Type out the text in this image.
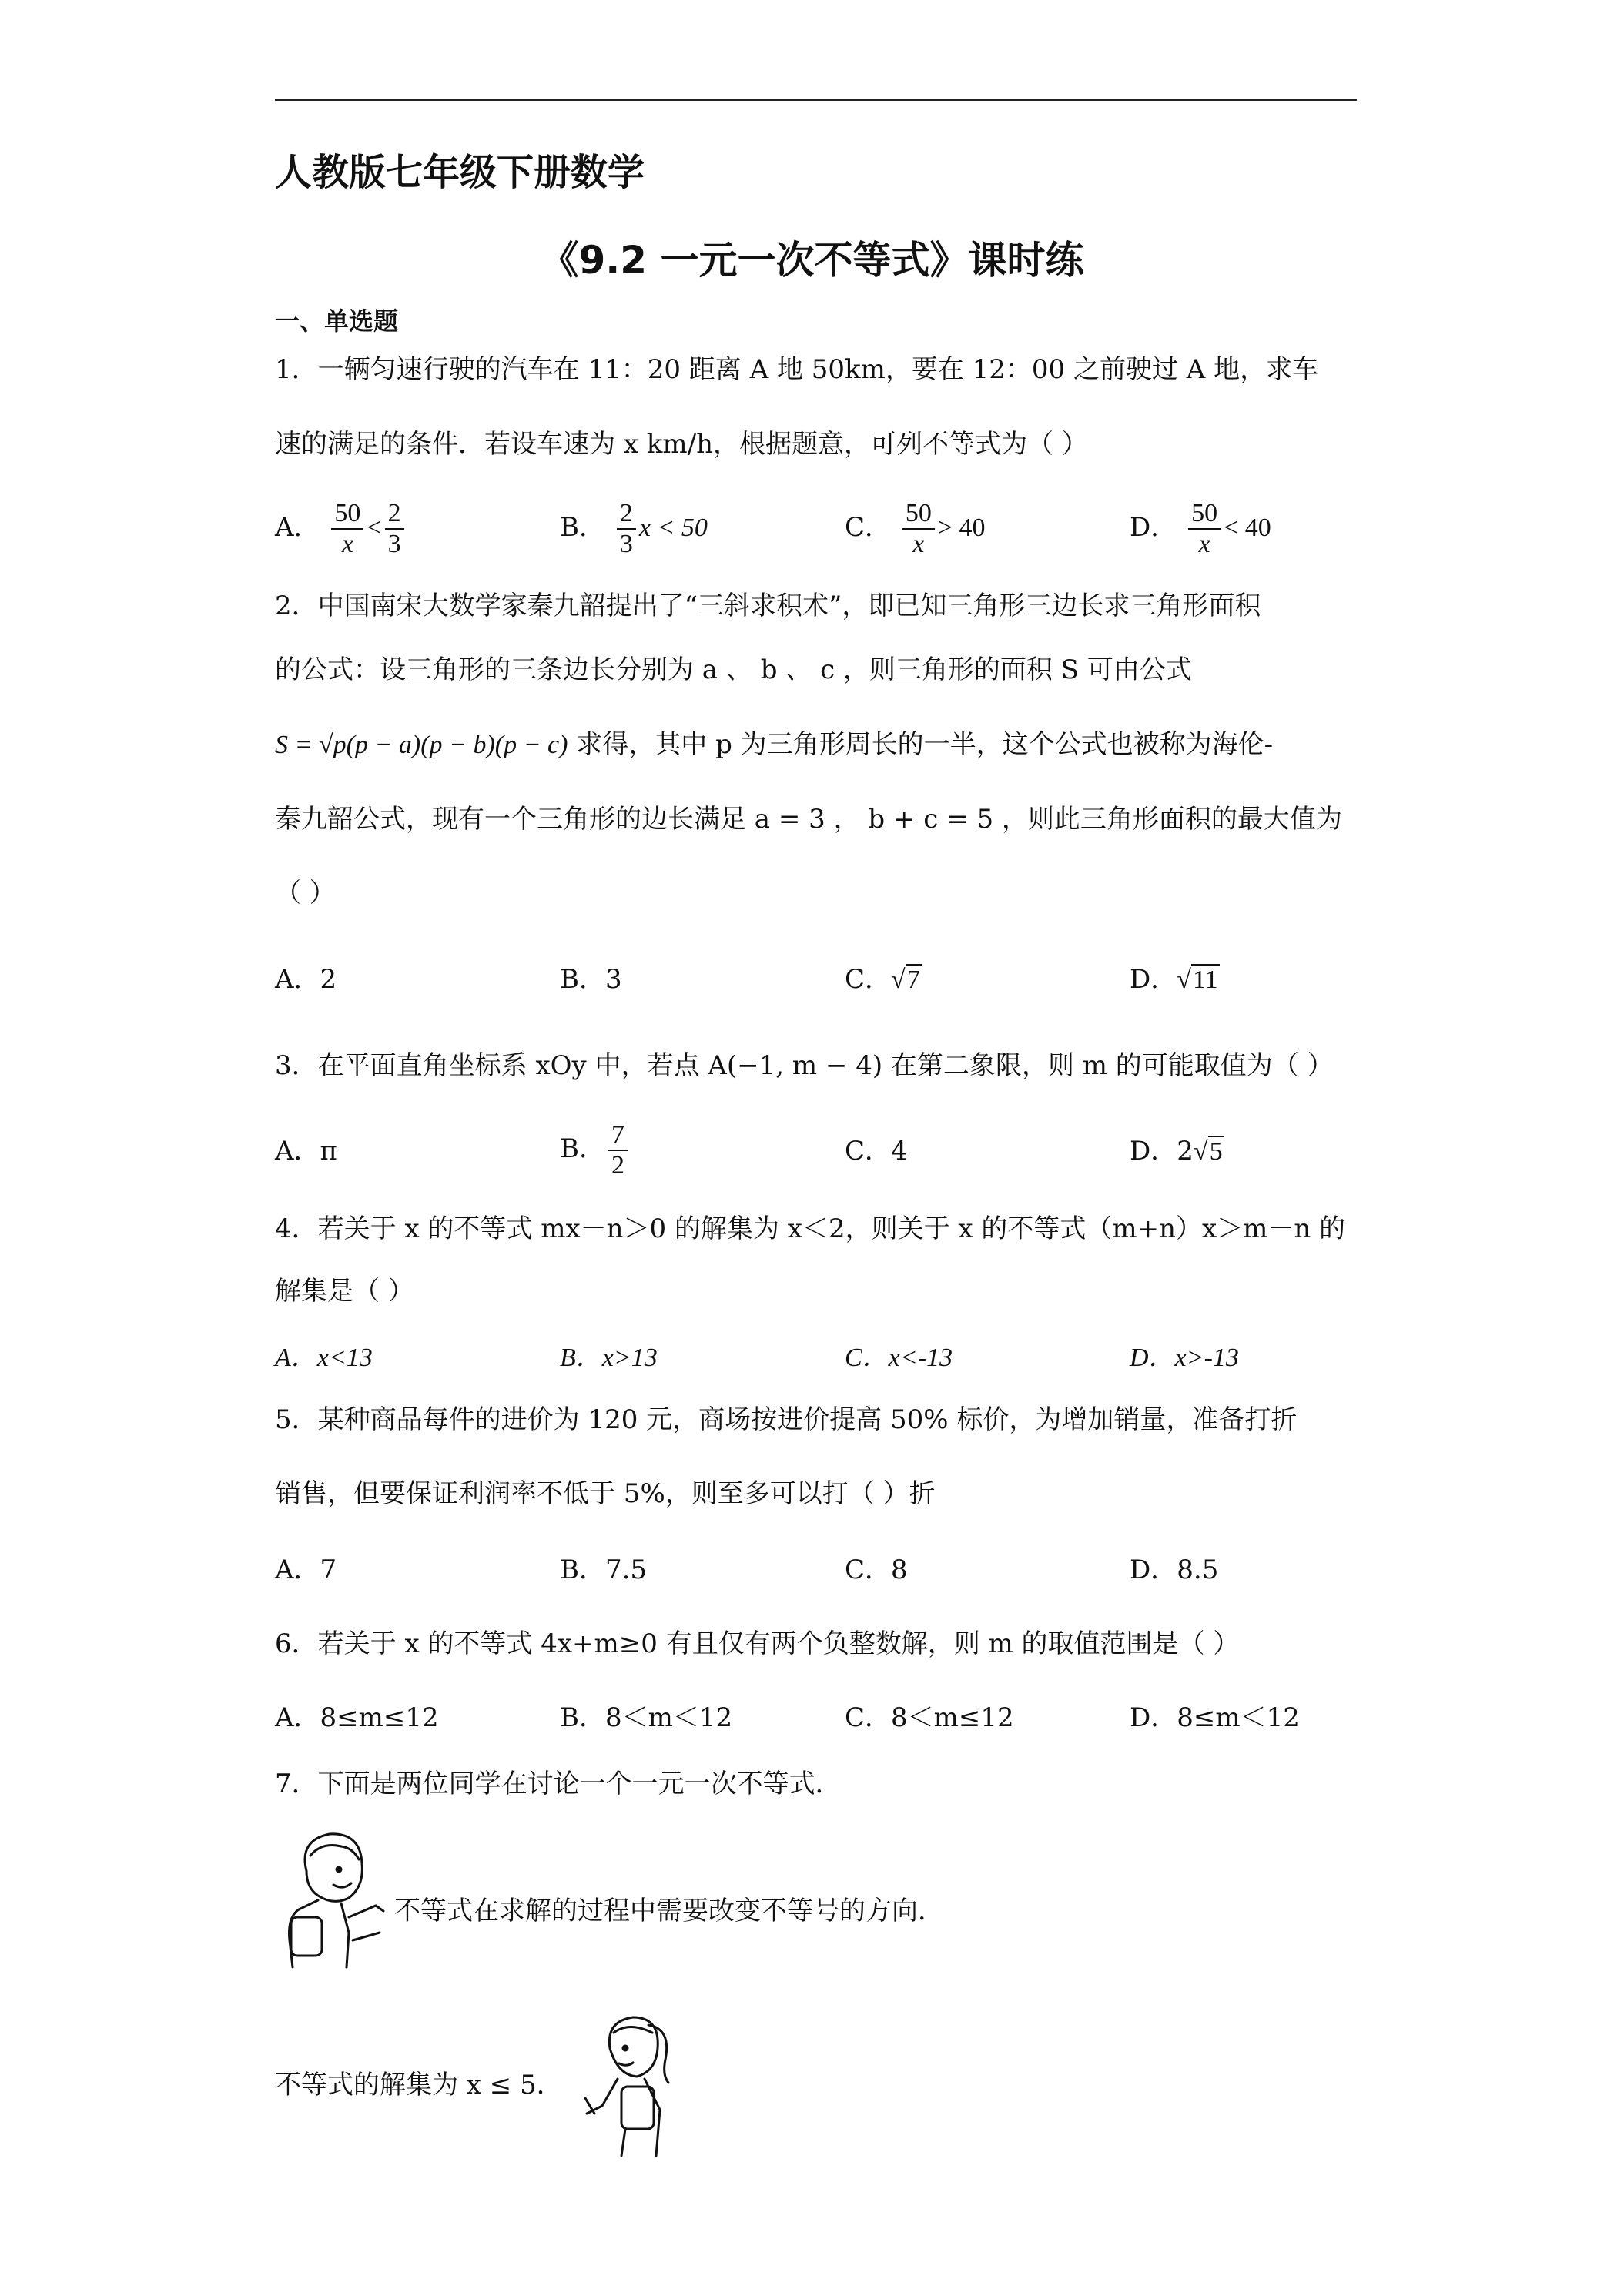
人教版七年级下册数学
《9.2 一元一次不等式》课时练
一、单选题
1．一辆匀速行驶的汽车在 11：20 距离 A 地 50km，要在 12：00 之前驶过 A 地，求车
速的满足的条件．若设车速为 x km/h，根据题意，可列不等式为（ ）
A． $\frac{50}{x} < \frac{2}{3}$	B． $\frac{2}{3}$ x < 50	C． $\frac{50}{x} > 40$	D． $\frac{50}{x} < 40$
2．中国南宋大数学家秦九韶提出了“三斜求积术”，即已知三角形三边长求三角形面积
的公式：设三角形的三条边长分别为 a 、 b 、 c ，则三角形的面积 S 可由公式
S = √p(p − a)(p − b)(p − c) 求得，其中 p 为三角形周长的一半，这个公式也被称为海伦-
秦九韶公式，现有一个三角形的边长满足 a = 3 ， b + c = 5 ，则此三角形面积的最大值为
（ ）
A．2	B．3	C．√7	D．√11
3．在平面直角坐标系 xOy 中，若点 A(−1, m − 4) 在第二象限，则 m 的可能取值为（ ）
A．π	B． $\frac{7}{2}$	C．4	D．2√5
4．若关于 x 的不等式 mx－n＞0 的解集为 x＜2，则关于 x 的不等式（m+n）x＞m－n 的
解集是（ ）
A．x<13	B．x>13	C．x<-13	D．x>-13
5．某种商品每件的进价为 120 元，商场按进价提高 50% 标价，为增加销量，准备打折
销售，但要保证利润率不低于 5%，则至多可以打（ ）折
A．7	B．7.5	C．8	D．8.5
6．若关于 x 的不等式 4x+m≥0 有且仅有两个负整数解，则 m 的取值范围是（ ）
A．8≤m≤12	B．8＜m＜12	C．8＜m≤12	D．8≤m＜12
7．下面是两位同学在讨论一个一元一次不等式．
不等式在求解的过程中需要改变不等号的方向．
不等式的解集为 x ≤ 5．
